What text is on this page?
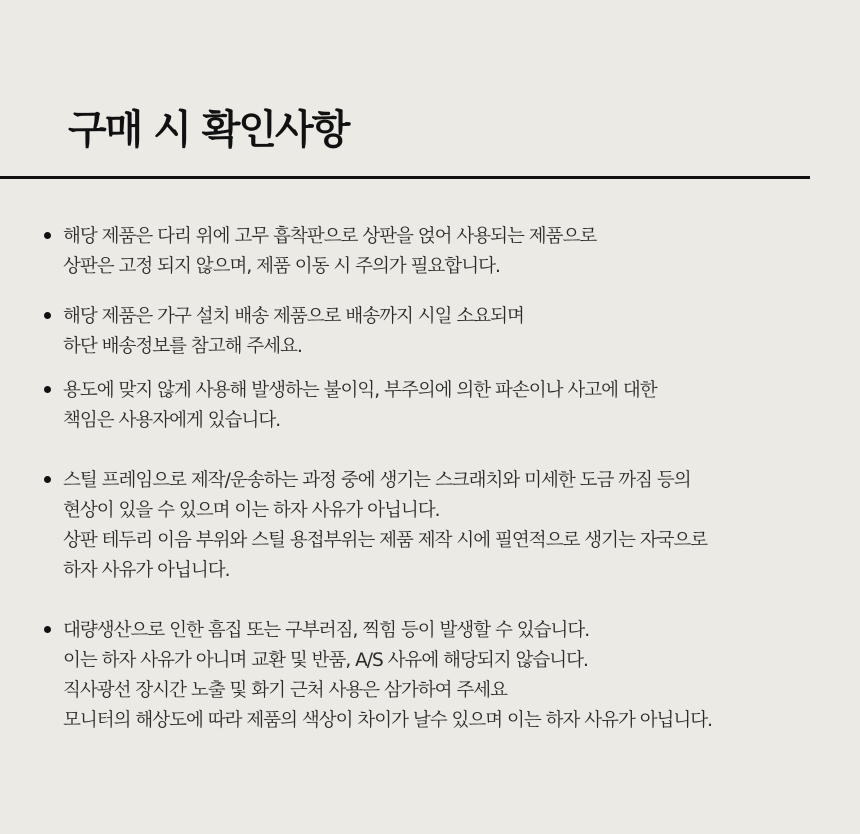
구매 시 확인사항
해당 제품은 다리 위에 고무 흡착판으로 상판을 얹어 사용되는 제품으로
상판은 고정 되지 않으며, 제품 이동 시 주의가 필요합니다.
해당 제품은 가구 설치 배송 제품으로 배송까지 시일 소요되며
하단 배송정보를 참고해 주세요.
용도에 맞지 않게 사용해 발생하는 불이익, 부주의에 의한 파손이나 사고에 대한
책임은 사용자에게 있습니다.
스틸 프레임으로 제작/운송하는 과정 중에 생기는 스크래치와 미세한 도금 까짐 등의
현상이 있을 수 있으며 이는 하자 사유가 아닙니다.
상판 테두리 이음 부위와 스틸 용접부위는 제품 제작 시에 필연적으로 생기는 자국으로
하자 사유가 아닙니다.
대량생산으로 인한 흠집 또는 구부러짐, 찍힘 등이 발생할 수 있습니다.
이는 하자 사유가 아니며 교환 및 반품, A/S 사유에 해당되지 않습니다.
직사광선 장시간 노출 및 화기 근처 사용은 삼가하여 주세요
모니터의 해상도에 따라 제품의 색상이 차이가 날수 있으며 이는 하자 사유가 아닙니다.
